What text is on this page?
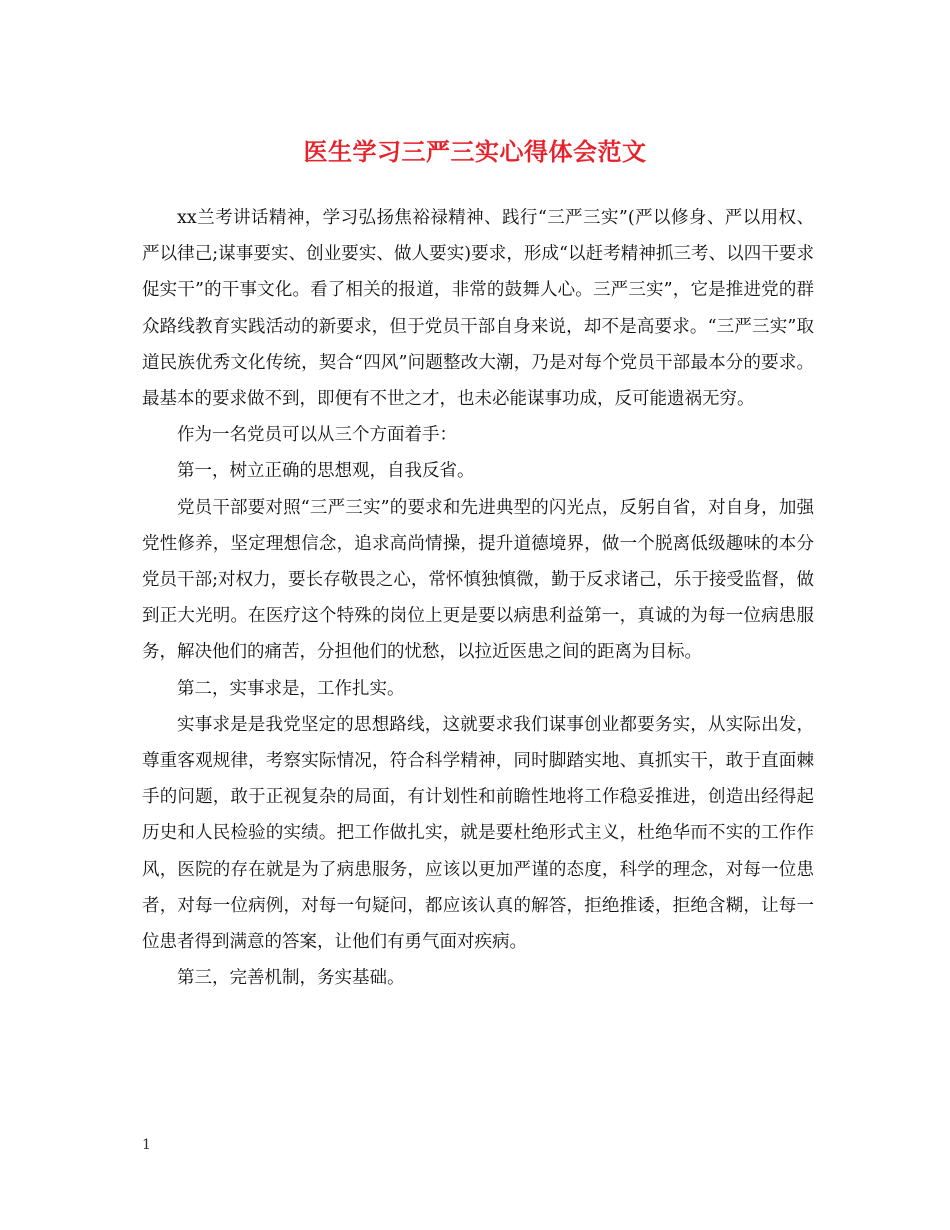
医生学习三严三实心得体会范文

xx兰考讲话精神，学习弘扬焦裕禄精神、践行“三严三实”(严以修身、严以用权、严以律己;谋事要实、创业要实、做人要实)要求，形成“以赶考精神抓三考、以四干要求促实干”的干事文化。看了相关的报道，非常的鼓舞人心。三严三实”，它是推进党的群众路线教育实践活动的新要求，但于党员干部自身来说，却不是高要求。“三严三实”取道民族优秀文化传统，契合“四风”问题整改大潮，乃是对每个党员干部最本分的要求。最基本的要求做不到，即便有不世之才，也未必能谋事功成，反可能遗祸无穷。

作为一名党员可以从三个方面着手：

第一，树立正确的思想观，自我反省。

党员干部要对照“三严三实”的要求和先进典型的闪光点，反躬自省，对自身，加强党性修养，坚定理想信念，追求高尚情操，提升道德境界，做一个脱离低级趣味的本分党员干部;对权力，要长存敬畏之心，常怀慎独慎微，勤于反求诸己，乐于接受监督，做到正大光明。在医疗这个特殊的岗位上更是要以病患利益第一，真诚的为每一位病患服务，解决他们的痛苦，分担他们的忧愁，以拉近医患之间的距离为目标。

第二，实事求是，工作扎实。

实事求是是我党坚定的思想路线，这就要求我们谋事创业都要务实，从实际出发，尊重客观规律，考察实际情况，符合科学精神，同时脚踏实地、真抓实干，敢于直面棘手的问题，敢于正视复杂的局面，有计划性和前瞻性地将工作稳妥推进，创造出经得起历史和人民检验的实绩。把工作做扎实，就是要杜绝形式主义，杜绝华而不实的工作作风，医院的存在就是为了病患服务，应该以更加严谨的态度，科学的理念，对每一位患者，对每一位病例，对每一句疑问，都应该认真的解答，拒绝推诿，拒绝含糊，让每一位患者得到满意的答案，让他们有勇气面对疾病。

第三，完善机制，务实基础。

1
